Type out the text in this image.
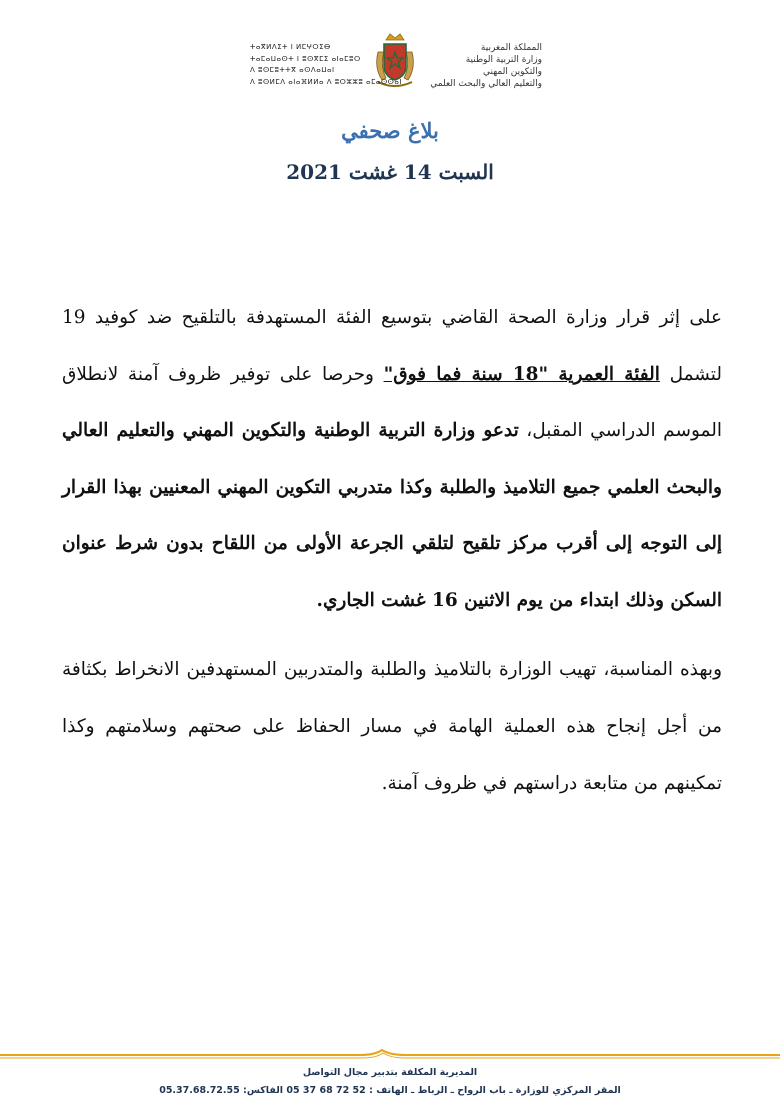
المملكة المغربية
وزارة التربية الوطنية
والتكوين المهني
والتعليم العالي والبحث العلمي
ⵜⴰⴳⵍⴷⵉⵜ ⵏ ⵍⵎⵖⵔⵉⴱ
ⵜⴰⵎⴰⵡⴰⵙⵜ ⵏ ⵓⵙⴳⵎⵉ ⴰⵏⴰⵎⵓⵔ
ⴷ ⵓⵙⵎⵓⵜⵜⴳ ⴰⵙⴷⴰⵡⴰⵏ
ⴷ ⵓⵙⵍⵎⴷ ⴰⵏⴰⴼⵍⵍⴰ ⴷ ⵓⵔⵣⵣⵓ ⴰⵎⴰⵙⵙⴰⵏ
بلاغ صحفي
السبت 14 غشت 2021

على إثر قرار وزارة الصحة القاضي بتوسيع الفئة المستهدفة بالتلقيح ضد كوفيد 19 لتشمل الفئة العمرية "18 سنة فما فوق" وحرصا على توفير ظروف آمنة لانطلاق الموسم الدراسي المقبل، تدعو وزارة التربية الوطنية والتكوين المهني والتعليم العالي والبحث العلمي جميع التلاميذ والطلبة وكذا متدربي التكوين المهني المعنيين بهذا القرار إلى التوجه إلى أقرب مركز تلقيح لتلقي الجرعة الأولى من اللقاح بدون شرط عنوان السكن وذلك ابتداء من يوم الاثنين 16 غشت الجاري.

وبهذه المناسبة، تهيب الوزارة بالتلاميذ والطلبة والمتدربين المستهدفين الانخراط بكثافة من أجل إنجاح هذه العملية الهامة في مسار الحفاظ على صحتهم وسلامتهم وكذا تمكينهم من متابعة دراستهم في ظروف آمنة.

المديرية المكلفة بتدبير مجال التواصل
المقر المركزي للوزارة ـ باب الرواح ـ الرباط ـ الهاتف : 52 72 68 37 05 الفاكس: 05.37.68.72.55
